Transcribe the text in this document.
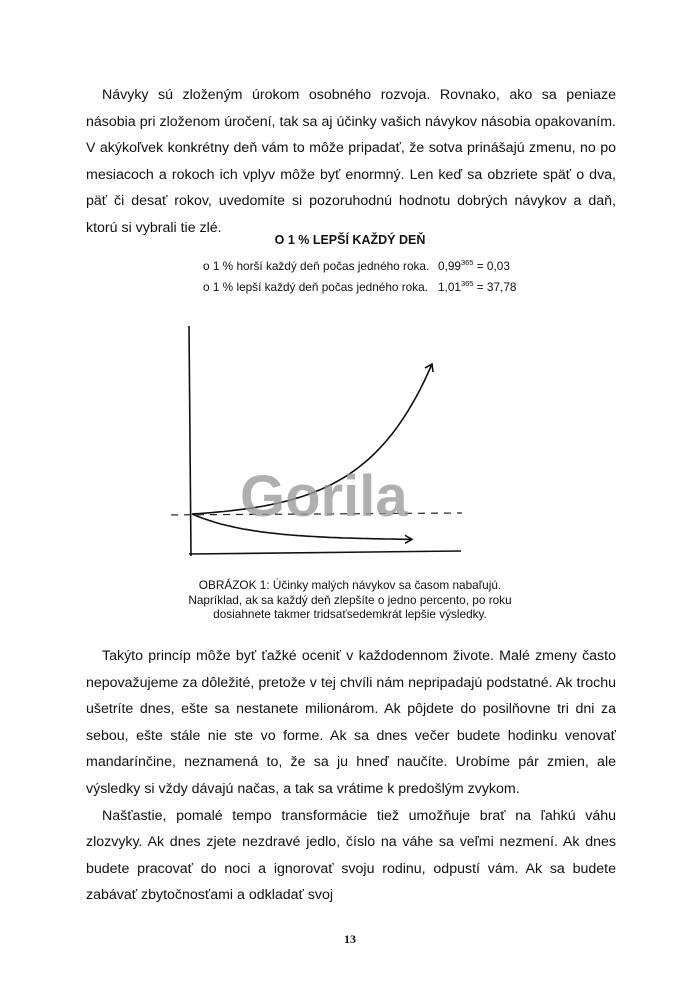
Návyky sú zloženým úrokom osobného rozvoja. Rovnako, ako sa peniaze násobia pri zloženom úročení, tak sa aj účinky vašich návykov násobia opakovaním. V akýkoľvek konkrétny deň vám to môže pripadať, že sotva prinášajú zmenu, no po mesiacoch a rokoch ich vplyv môže byť enormný. Len keď sa obzriete späť o dva, päť či desať rokov, uvedomíte si pozoruhodnú hodnotu dobrých návykov a daň, ktorú si vybrali tie zlé.

O 1 % LEPŠÍ KAŽDÝ DEŇ
o 1 % horší každý deň počas jedného roka. $0,99^{365} = 0,03$
o 1 % lepší každý deň počas jedného roka. $1,01^{365} = 37,78$
Gorila
OBRÁZOK 1: Účinky malých návykov sa časom nabaľujú.
Napríklad, ak sa každý deň zlepšíte o jedno percento, po roku
dosiahnete takmer tridsaťsedemkrát lepšie výsledky.

Takýto princíp môže byť ťažké oceniť v každodennom živote. Malé zmeny často nepovažujeme za dôležité, pretože v tej chvíli nám nepripadajú podstatné. Ak trochu ušetríte dnes, ešte sa nestanete milionárom. Ak pôjdete do posilňovne tri dni za sebou, ešte stále nie ste vo forme. Ak sa dnes večer budete hodinku venovať mandarínčine, neznamená to, že sa ju hneď naučíte. Urobíme pár zmien, ale výsledky si vždy dávajú načas, a tak sa vrátime k predošlým zvykom.

Našťastie, pomalé tempo transformácie tiež umožňuje brať na ľahkú váhu zlozvyky. Ak dnes zjete nezdravé jedlo, číslo na váhe sa veľmi nezmení. Ak dnes budete pracovať do noci a ignorovať svoju rodinu, odpustí vám. Ak sa budete zabávať zbytočnosťami a odkladať svoj

13
